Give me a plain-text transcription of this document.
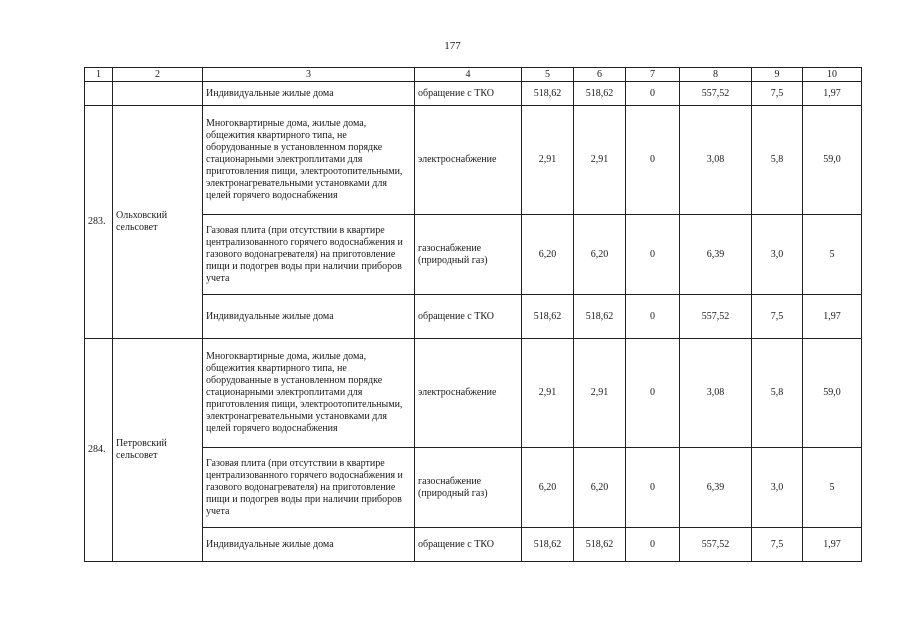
177
1	2	3	4	5	6	7	8	9	10
		Индивидуальные жилые дома	обращение с ТКО	518,62	518,62	0	557,52	7,5	1,97
283.	Ольховский сельсовет	Многоквартирные дома, жилые дома, общежития квартирного типа, не оборудованные в установленном порядке стационарными электроплитами для приготовления пищи, электроотопительными, электронагревательными установками для целей горячего водоснабжения	электроснабжение	2,91	2,91	0	3,08	5,8	59,0
		Газовая плита (при отсутствии в квартире централизованного горячего водоснабжения и газового водонагревателя) на приготовление пищи и подогрев воды при наличии приборов учета	газоснабжение (природный газ)	6,20	6,20	0	6,39	3,0	5
		Индивидуальные жилые дома	обращение с ТКО	518,62	518,62	0	557,52	7,5	1,97
284.	Петровский сельсовет	Многоквартирные дома, жилые дома, общежития квартирного типа, не оборудованные в установленном порядке стационарными электроплитами для приготовления пищи, электроотопительными, электронагревательными установками для целей горячего водоснабжения	электроснабжение	2,91	2,91	0	3,08	5,8	59,0
		Газовая плита (при отсутствии в квартире централизованного горячего водоснабжения и газового водонагревателя) на приготовление пищи и подогрев воды при наличии приборов учета	газоснабжение (природный газ)	6,20	6,20	0	6,39	3,0	5
		Индивидуальные жилые дома	обращение с ТКО	518,62	518,62	0	557,52	7,5	1,97
